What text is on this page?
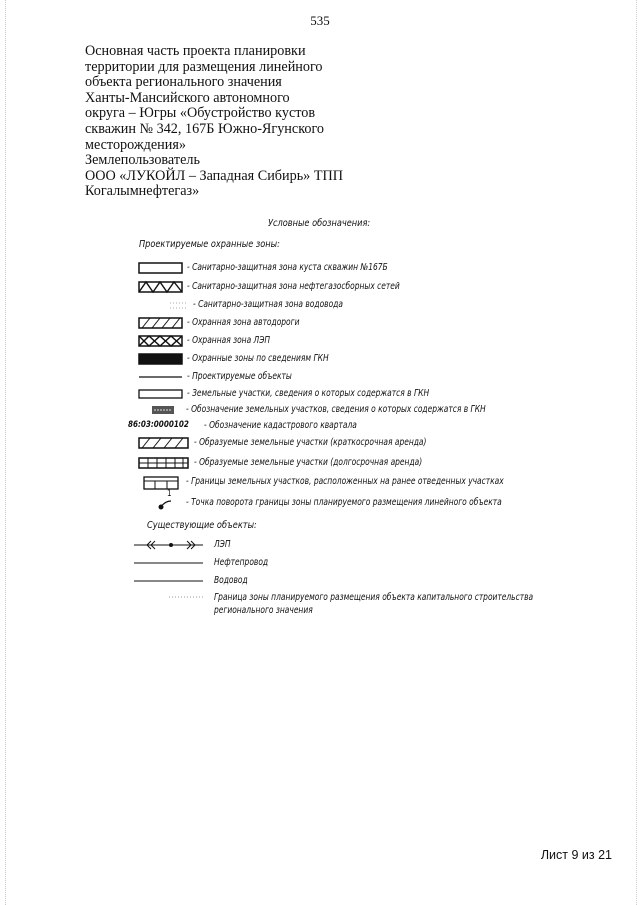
535
Основная часть проекта планировки
территории для размещения линейного
объекта регионального значения
Ханты-Мансийского автономного
округа – Югры «Обустройство кустов
скважин № 342, 167Б Южно-Ягунского
месторождения»
Землепользователь
ООО «ЛУКОЙЛ – Западная Сибирь» ТПП
Когалымнефтегаз»
Условные обозначения:
Проектируемые охранные зоны:
- Санитарно-защитная зона куста скважин №167Б
- Санитарно-защитная зона нефтегазосборных сетей
- Санитарно-защитная зона водовода
- Охранная зона автодороги
- Охранная зона ЛЭП
- Охранные зоны по сведениям ГКН
- Проектируемые объекты
- Земельные участки, сведения о которых содержатся в ГКН
- Обозначение земельных участков, сведения о которых содержатся в ГКН
86:03:0000102 - Обозначение кадастрового квартала
- Образуемые земельные участки (краткосрочная аренда)
- Образуемые земельные участки (долгосрочная аренда)
- Границы земельных участков, расположенных на ранее отведенных участках
1
- Точка поворота границы зоны планируемого размещения линейного объекта
Существующие объекты:
ЛЭП
Нефтепровод
Водовод
Граница зоны планируемого размещения объекта капитального строительства регионального значения
Лист 9 из 21
